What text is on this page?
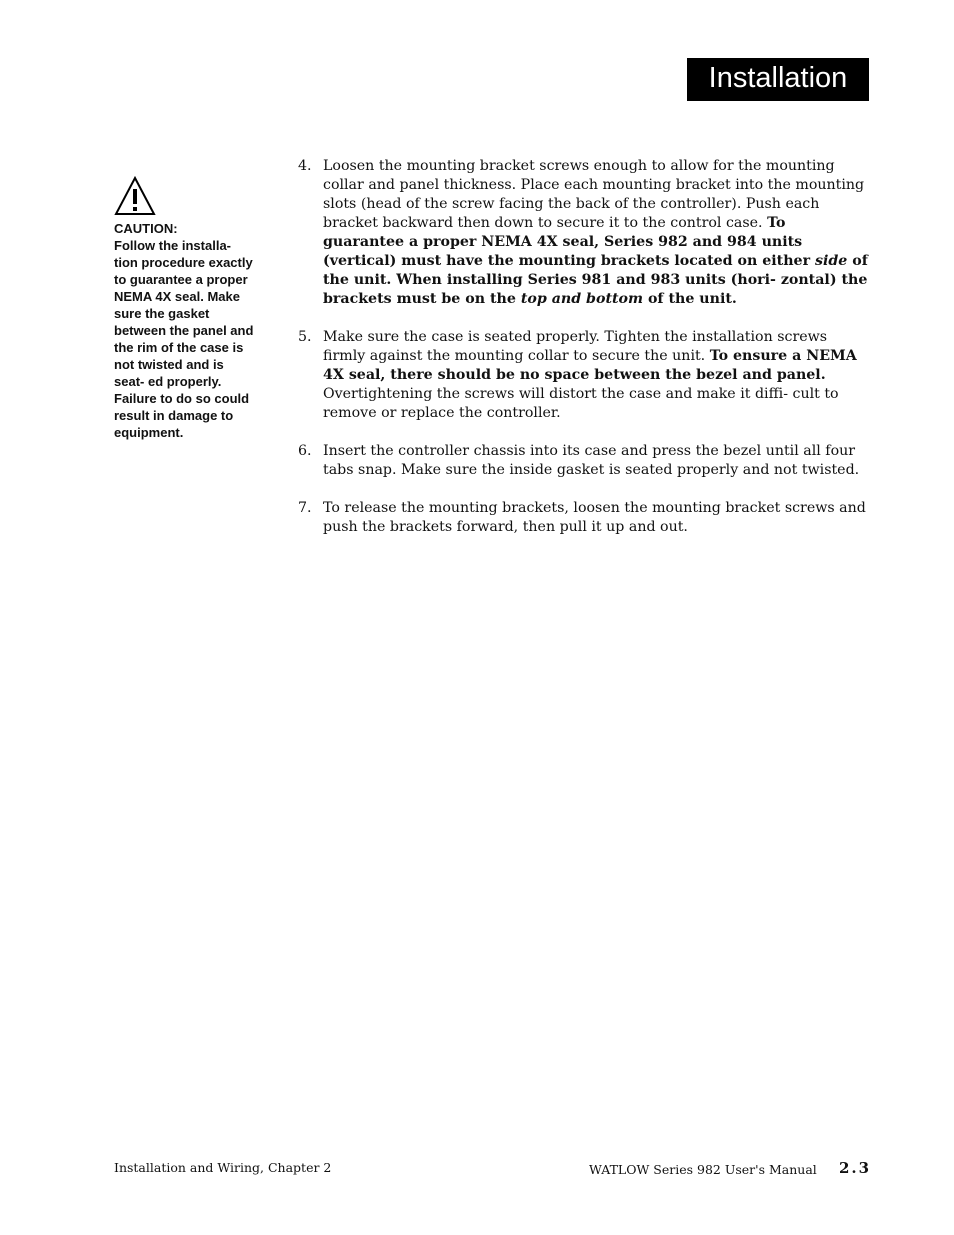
Installation
CAUTION:
Follow the installa- tion procedure exactly to guarantee a proper NEMA 4X seal. Make sure the gasket between the panel and the rim of the case is not twisted and is seat- ed properly. Failure to do so could result in damage to equipment.
4. Loosen the mounting bracket screws enough to allow for the mounting collar and panel thickness. Place each mounting bracket into the mounting slots (head of the screw facing the back of the controller). Push each bracket backward then down to secure it to the control case. To guarantee a proper NEMA 4X seal, Series 982 and 984 units (vertical) must have the mounting brackets located on either side of the unit. When installing Series 981 and 983 units (hori- zontal) the brackets must be on the top and bottom of the unit.
5. Make sure the case is seated properly. Tighten the installation screws firmly against the mounting collar to secure the unit. To ensure a NEMA 4X seal, there should be no space between the bezel and panel. Overtightening the screws will distort the case and make it diffi- cult to remove or replace the controller.
6. Insert the controller chassis into its case and press the bezel until all four tabs snap. Make sure the inside gasket is seated properly and not twisted.
7. To release the mounting brackets, loosen the mounting bracket screws and push the brackets forward, then pull it up and out.
Installation and Wiring, Chapter 2	WATLOW Series 982 User's Manual 2.3
